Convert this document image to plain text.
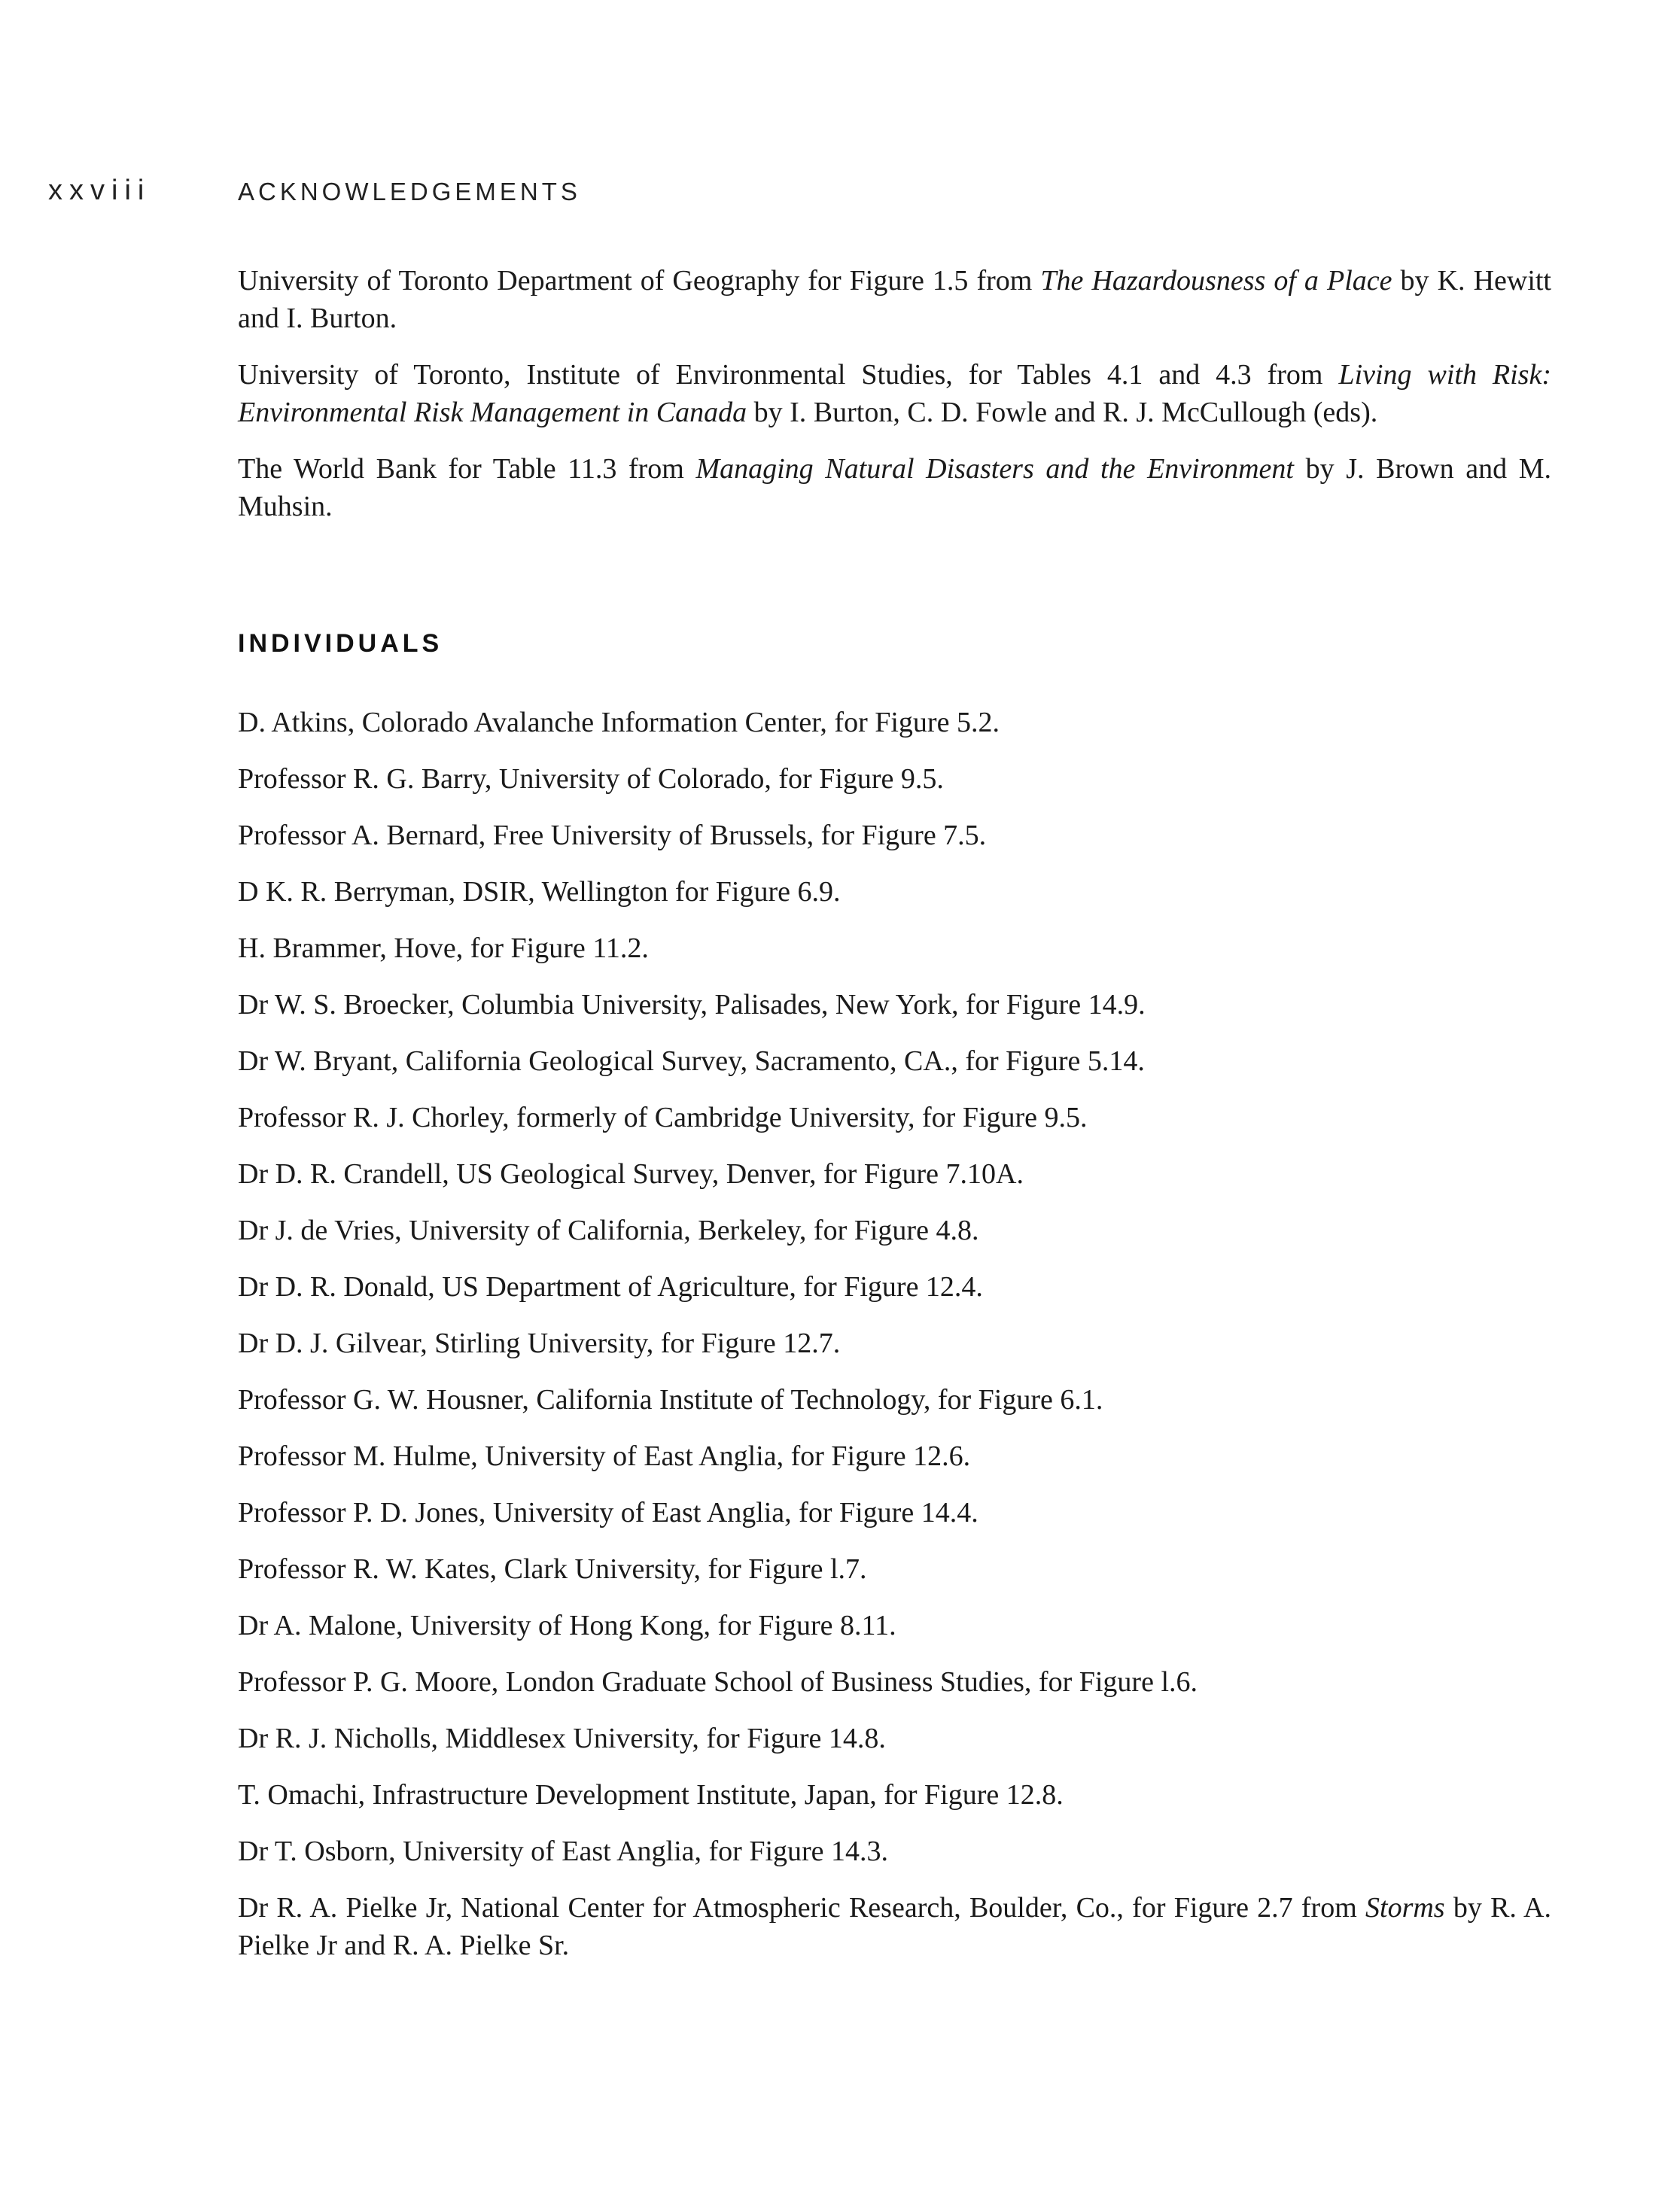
xxviii	ACKNOWLEDGEMENTS

University of Toronto Department of Geography for Figure 1.5 from The Hazardousness of a Place by K. Hewitt and I. Burton.

University of Toronto, Institute of Environmental Studies, for Tables 4.1 and 4.3 from Living with Risk: Environmental Risk Management in Canada by I. Burton, C. D. Fowle and R. J. McCullough (eds).

The World Bank for Table 11.3 from Managing Natural Disasters and the Environment by J. Brown and M. Muhsin.

INDIVIDUALS

D. Atkins, Colorado Avalanche Information Center, for Figure 5.2.

Professor R. G. Barry, University of Colorado, for Figure 9.5.

Professor A. Bernard, Free University of Brussels, for Figure 7.5.

D K. R. Berryman, DSIR, Wellington for Figure 6.9.

H. Brammer, Hove, for Figure 11.2.

Dr W. S. Broecker, Columbia University, Palisades, New York, for Figure 14.9.

Dr W. Bryant, California Geological Survey, Sacramento, CA., for Figure 5.14.

Professor R. J. Chorley, formerly of Cambridge University, for Figure 9.5.

Dr D. R. Crandell, US Geological Survey, Denver, for Figure 7.10A.

Dr J. de Vries, University of California, Berkeley, for Figure 4.8.

Dr D. R. Donald, US Department of Agriculture, for Figure 12.4.

Dr D. J. Gilvear, Stirling University, for Figure 12.7.

Professor G. W. Housner, California Institute of Technology, for Figure 6.1.

Professor M. Hulme, University of East Anglia, for Figure 12.6.

Professor P. D. Jones, University of East Anglia, for Figure 14.4.

Professor R. W. Kates, Clark University, for Figure l.7.

Dr A. Malone, University of Hong Kong, for Figure 8.11.

Professor P. G. Moore, London Graduate School of Business Studies, for Figure l.6.

Dr R. J. Nicholls, Middlesex University, for Figure 14.8.

T. Omachi, Infrastructure Development Institute, Japan, for Figure 12.8.

Dr T. Osborn, University of East Anglia, for Figure 14.3.

Dr R. A. Pielke Jr, National Center for Atmospheric Research, Boulder, Co., for Figure 2.7 from Storms by R. A. Pielke Jr and R. A. Pielke Sr.
